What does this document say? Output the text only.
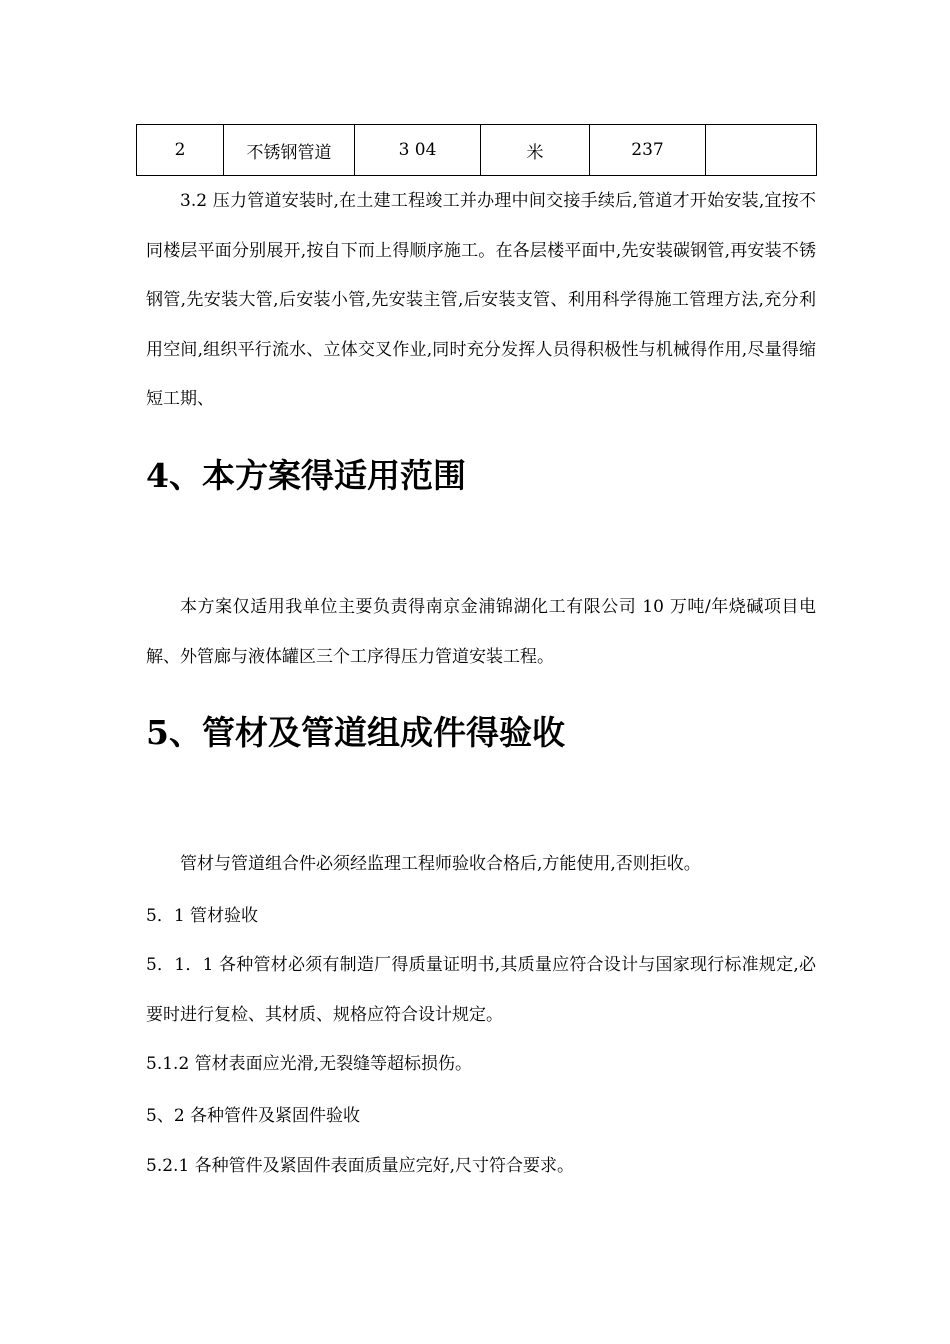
2	不锈钢管道	3 04	米	237	

3.2 压力管道安装时,在土建工程竣工并办理中间交接手续后,管道才开始安装,宜按不同楼层平面分别展开,按自下而上得顺序施工。在各层楼平面中,先安装碳钢管,再安装不锈钢管,先安装大管,后安装小管,先安装主管,后安装支管、利用科学得施工管理方法,充分利用空间,组织平行流水、立体交叉作业,同时充分发挥人员得积极性与机械得作用,尽量得缩短工期、

4、本方案得适用范围

本方案仅适用我单位主要负责得南京金浦锦湖化工有限公司 10 万吨/年烧碱项目电解、外管廊与液体罐区三个工序得压力管道安装工程。

5、管材及管道组成件得验收

管材与管道组合件必须经监理工程师验收合格后,方能使用,否则拒收。

5．1 管材验收

5．1．1 各种管材必须有制造厂得质量证明书,其质量应符合设计与国家现行标准规定,必要时进行复检、其材质、规格应符合设计规定。

5.1.2 管材表面应光滑,无裂缝等超标损伤。

5、2 各种管件及紧固件验收

5.2.1 各种管件及紧固件表面质量应完好,尺寸符合要求。
